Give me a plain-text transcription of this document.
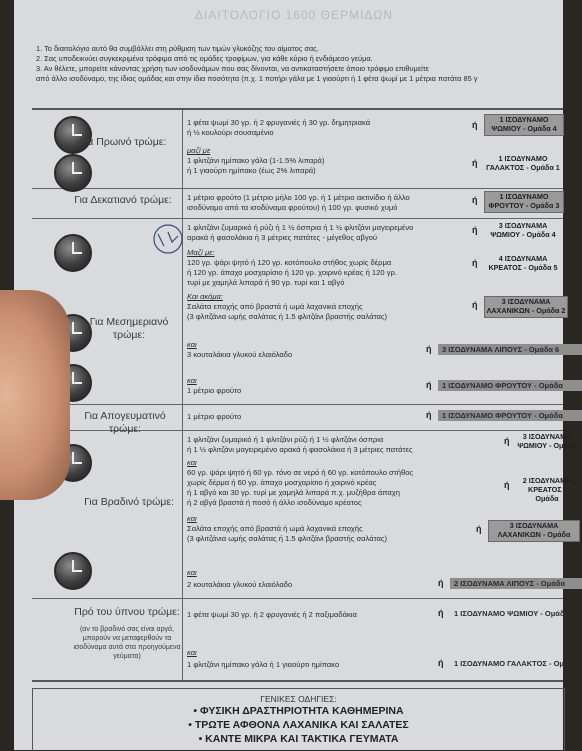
ΔΙΑΙΤΟΛΟΓΙΟ 1600 ΘΕΡΜΙΔΩΝ
1. Το διαιτολόγιο αυτό θα συμβάλλει στη ρύθμιση των τιμών γλυκόζης του αίματος σας.
2. Σας υποδεικνύει συγκεκριμένα τρόφιμα από τις ομάδες τροφίμων, για κάθε κύριο ή ενδιάμεσο γεύμα.
3. Αν θέλετε, μπορείτε κάνοντας χρήση των ισοδυνάμων που σας δίνονται, να αντικαταστήσετε όποιο τρόφιμο επιθυμείτε
από άλλο ισοδύναμο, της ίδιας ομάδας και στην ίδια ποσότητα (π.χ. 1 ποτήρι γάλα με 1 γιαούρτι ή 1 φέτα ψωμί με 1 μέτρια πατάτα 85 γ
Για Πρωινό τρώμε:
1 φέτα ψωμί 30 γρ. ή 2 φρυγανιές ή 30 γρ. δημητριακά
ή ½ κουλούρι σουσαμένιο
ή
1 ΙΣΟΔΥΝΑΜΟ ΨΩΜΙΟΥ - Ομάδα 4
μαζί με
1 φλιτζάνι ημίπακο γάλα (1-1.5% λιπαρά)
ή 1 γιαούρτι ημίπακο (έως 2% λιπαρά)
ή	1 ΙΣΟΔΥΝΑΜΟ ΓΑΛΑΚΤΟΣ - Ομάδα 1
Για Δεκατιανό τρώμε:	1 μέτριο φρούτο (1 μέτριο μήλο 100 γρ. ή 1 μέτριο ακτινίδιο ή άλλο
ισοδύναμο από τα ισοδύναμα φρούτου) ή 100 γρ. φυσικό χυμό
ή	1 ΙΣΟΔΥΝΑΜΟ ΦΡΟΥΤΟΥ - Ομάδα 3
Για Μεσημεριανό τρώμε:
1 φλιτζάνι ζυμαρικό ή ρύζι ή 1 ½ όσπρια ή 1 ½ φλιτζάνι μαγειρεμένο
αρακά ή φασολάκια ή 3 μέτριες πατάτες - μέγεθος αβγού
ή	3 ΙΣΟΔΥΝΑΜΑ ΨΩΜΙΟΥ - Ομάδα 4
Μαζί με:
120 γρ. ψάρι ψητό ή 120 γρ. κοτόπουλο στήθος χωρίς δέρμα
ή 120 γρ. άπαχο μοσχαρίσιο ή 120 γρ. χοιρινό κρέας ή 120 γρ.
τυρί με χαμηλά λιπαρά ή 90 γρ. τυρί και 1 αβγό
ή	4 ΙΣΟΔΥΝΑΜΑ ΚΡΕΑΤΟΣ - Ομάδα 5
Και ακόμα:
Σαλάτα εποχής από βραστά ή ωμά λαχανικά εποχής
(3 φλιτζάνια ωμής σαλάτας ή 1.5 φλιτζάνι βραστής σαλάτας)
ή	3 ΙΣΟΔΥΝΑΜΑ ΛΑΧΑΝΙΚΩΝ - Ομάδα 2
και
3 κουταλάκια γλυκού ελαιόλαδο
ή	3 ΙΣΟΔΥΝΑΜΑ ΛΙΠΟΥΣ - Ομάδα 6
και
1 μέτριο φρούτο
ή	1 ΙΣΟΔΥΝΑΜΟ ΦΡΟΥΤΟΥ - Ομάδα
Για Απογευματινό τρώμε:
1 μέτριο φρούτο	ή	1 ΙΣΟΔΥΝΑΜΟ ΦΡΟΥΤΟΥ - Ομάδα
Για Βραδινό τρώμε:
1 φλιτζάνι ζυμαρικό ή 1 φλιτζάνι ρύζι ή 1 ½ φλιτζάνι όσπρια
ή 1 ½ φλιτζάνι μαγειρεμένο αρακά ή φασολάκια ή 3 μέτριες πατάτες
ή	3 ΙΣΟΔΥΝΑΜΑ ΨΩΜΙΟΥ - Ομάδα
και
60 γρ. ψάρι ψητό ή 60 γρ. τόνο σε νερό ή 60 γρ. κοτόπουλο στήθος
χωρίς δέρμα ή 60 γρ. άπαχο μοσχαρίσιο ή χοιρινό κρέας
ή 1 αβγό και 30 γρ. τυρί με χαμηλά λιπαρά π.χ. μυζήθρα άπαχη
ή 2 αβγά βραστά ή ποσό ή άλλο ισοδύναμο κρέατος
ή	2 ΙΣΟΔΥΝΑΜΑ ΚΡΕΑΤΟΣ - Ομάδα
και
Σαλάτα εποχής από βραστά ή ωμά λαχανικά εποχής
(3 φλιτζάνια ωμής σαλάτας ή 1.5 φλιτζάνι βραστής σαλάτας)
ή	3 ΙΣΟΔΥΝΑΜΑ ΛΑΧΑΝΙΚΩΝ - Ομάδα
και
2 κουταλάκια γλυκού ελαιόλαδο	ή	2 ΙΣΟΔΥΝΑΜΑ ΛΙΠΟΥΣ - Ομάδα
Πρό του ύπνου τρώμε:
(αν το βραδινό σας είναι αργά, μπορούν να μεταφερθούν τα ισοδύναμα αυτά στα προηγούμενα γεύματα)
1 φέτα ψωμί 30 γρ. ή 2 φρυγανιές ή 2 παξιμαδάκια	ή	1 ΙΣΟΔΥΝΑΜΟ ΨΩΜΙΟΥ - Ομάδα
και
1 φλιτζάνι ημίπακο γάλα ή 1 γιαούρτι ημίπακο	ή	1 ΙΣΟΔΥΝΑΜΟ ΓΑΛΑΚΤΟΣ - Ομάδα
ΓΕΝΙΚΕΣ ΟΔΗΓΙΕΣ:
• ΦΥΣΙΚΗ ΔΡΑΣΤΗΡΙΟΤΗΤΑ ΚΑΘΗΜΕΡΙΝΑ
• ΤΡΩΤΕ ΑΦΘΟΝΑ ΛΑΧΑΝΙΚΑ ΚΑΙ ΣΑΛΑΤΕΣ
• ΚΑΝΤΕ ΜΙΚΡΑ ΚΑΙ ΤΑΚΤΙΚΑ ΓΕΥΜΑΤΑ
